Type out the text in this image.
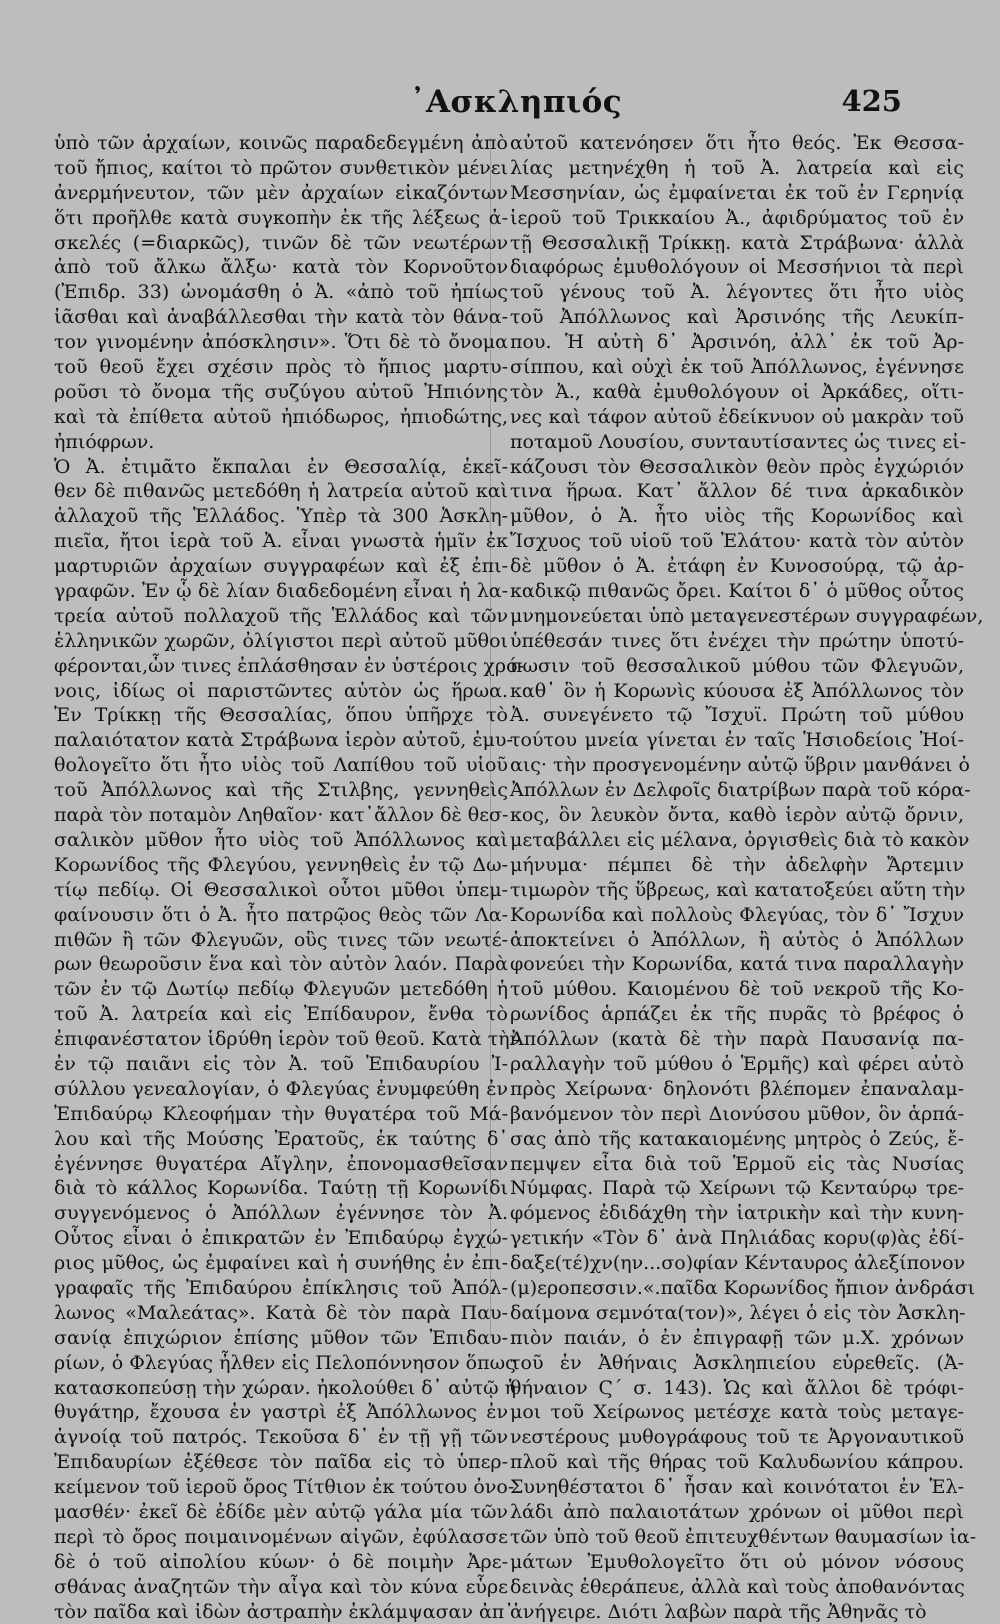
᾿Ασκληπιός	425
ὑπὸ τῶν ἀρχαίων, κοινῶς παραδεδεγμένη ἀπὸ
τοῦ ἤπιος, καίτοι τὸ πρῶτον συνθετικὸν μένει
ἀνερμήνευτον, τῶν μὲν ἀρχαίων εἰκαζόντων
ὅτι προῆλθε κατὰ συγκοπὴν ἐκ τῆς λέξεως ἀ-
σκελές (=διαρκῶς), τινῶν δὲ τῶν νεωτέρων
ἀπὸ τοῦ ἄλκω ἄλξω· κατὰ τὸν Κορνοῦτον
(Ἐπιδρ. 33) ὠνομάσθη ὁ Ἀ. «ἀπὸ τοῦ ἠπίως
ἰᾶσθαι καὶ ἀναβάλλεσθαι τὴν κατὰ τὸν θάνα-
τον γινομένην ἀπόσκλησιν». Ὅτι δὲ τὸ ὄνομα
τοῦ θεοῦ ἔχει σχέσιν πρὸς τὸ ἤπιος μαρτυ-
ροῦσι τὸ ὄνομα τῆς συζύγου αὐτοῦ Ἠπιόνης
καὶ τὰ ἐπίθετα αὐτοῦ ἠπιόδωρος, ἠπιοδώτης,
ἠπιόφρων.
Ὁ Ἀ. ἐτιμᾶτο ἔκπαλαι ἐν Θεσσαλίᾳ, ἐκεῖ-
θεν δὲ πιθανῶς μετεδόθη ἡ λατρεία αὐτοῦ καὶ
ἀλλαχοῦ τῆς Ἑλλάδος. Ὑπὲρ τὰ 300 Ἀσκλη-
πιεῖα, ἤτοι ἱερὰ τοῦ Ἀ. εἶναι γνωστὰ ἡμῖν ἐκ
μαρτυριῶν ἀρχαίων συγγραφέων καὶ ἐξ ἐπι-
γραφῶν. Ἐν ᾧ δὲ λίαν διαδεδομένη εἶναι ἡ λα-
τρεία αὐτοῦ πολλαχοῦ τῆς Ἑλλάδος καὶ τῶν
ἑλληνικῶν χωρῶν, ὀλίγιστοι περὶ αὐτοῦ μῦθοι
φέρονται,ὧν τινες ἐπλάσθησαν ἐν ὑστέροις χρό-
νοις, ἰδίως οἱ παριστῶντες αὐτὸν ὡς ἥρωα.
Ἐν Τρίκκῃ τῆς Θεσσαλίας, ὅπου ὑπῆρχε τὸ
παλαιότατον κατὰ Στράβωνα ἱερὸν αὐτοῦ, ἐμυ-
θολογεῖτο ὅτι ἦτο υἱὸς τοῦ Λαπίθου τοῦ υἱοῦ
τοῦ Ἀπόλλωνος καὶ τῆς Στιλβης, γεννηθεὶς
παρὰ τὸν ποταμὸν Ληθαῖον· κατ᾽ἄλλον δὲ θεσ-
σαλικὸν μῦθον ἦτο υἱὸς τοῦ Ἀπόλλωνος καὶ
Κορωνίδος τῆς Φλεγύου, γεννηθεὶς ἐν τῷ Δω-
τίῳ πεδίῳ. Οἱ Θεσσαλικοὶ οὗτοι μῦθοι ὑπεμ-
φαίνουσιν ὅτι ὁ Ἀ. ἦτο πατρῷος θεὸς τῶν Λα-
πιθῶν ἢ τῶν Φλεγυῶν, οὓς τινες τῶν νεωτέ-
ρων θεωροῦσιν ἕνα καὶ τὸν αὐτὸν λαόν. Παρὰ
τῶν ἐν τῷ Δωτίῳ πεδίῳ Φλεγυῶν μετεδόθη ἡ
τοῦ Ἀ. λατρεία καὶ εἰς Ἐπίδαυρον, ἔνθα τὸ
ἐπιφανέστατον ἱδρύθη ἱερὸν τοῦ θεοῦ. Κατὰ τὴν
ἐν τῷ παιᾶνι εἰς τὸν Ἀ. τοῦ Ἐπιδαυρίου Ἰ-
σύλλου γενεαλογίαν, ὁ Φλεγύας ἐνυμφεύθη ἐν
Ἐπιδαύρῳ Κλεοφήμαν τὴν θυγατέρα τοῦ Μά-
λου καὶ τῆς Μούσης Ἐρατοῦς, ἐκ ταύτης δ᾽
ἐγέννησε θυγατέρα Αἴγλην, ἐπονομασθεῖσαν
διὰ τὸ κάλλος Κορωνίδα. Ταύτῃ τῇ Κορωνίδι
συγγενόμενος ὁ Ἀπόλλων ἐγέννησε τὸν Ἀ.
Οὗτος εἶναι ὁ ἐπικρατῶν ἐν Ἐπιδαύρῳ ἐγχώ-
ριος μῦθος, ὡς ἐμφαίνει καὶ ἡ συνήθης ἐν ἐπι-
γραφαῖς τῆς Ἐπιδαύρου ἐπίκλησις τοῦ Ἀπόλ-
λωνος «Μαλεάτας». Κατὰ δὲ τὸν παρὰ Παυ-
σανίᾳ ἐπιχώριον ἐπίσης μῦθον τῶν Ἐπιδαυ-
ρίων, ὁ Φλεγύας ἦλθεν εἰς Πελοπόννησον ὅπως
κατασκοπεύσῃ τὴν χώραν. ἠκολούθει δ᾽ αὐτῷ ἡ
θυγάτηρ, ἔχουσα ἐν γαστρὶ ἐξ Ἀπόλλωνος ἐν
ἀγνοίᾳ τοῦ πατρός. Τεκοῦσα δ᾽ ἐν τῇ γῇ τῶν
Ἐπιδαυρίων ἐξέθεσε τὸν παῖδα εἰς τὸ ὑπερ-
κείμενον τοῦ ἱεροῦ ὄρος Τίτθιον ἐκ τούτου ὀνο-
μασθέν· ἐκεῖ δὲ ἐδίδε μὲν αὐτῷ γάλα μία τῶν
περὶ τὸ ὄρος ποιμαινομένων αἰγῶν, ἐφύλασσε
δὲ ὁ τοῦ αἰπολίου κύων· ὁ δὲ ποιμὴν Ἀρε-
σθάνας ἀναζητῶν τὴν αἶγα καὶ τὸν κύνα εὗρε
τὸν παῖδα καὶ ἰδὼν ἀστραπὴν ἐκλάμψασαν ἀπ᾽
αὐτοῦ κατενόησεν ὅτι ἦτο θεός. Ἐκ Θεσσα-
λίας μετηνέχθη ἡ τοῦ Ἀ. λατρεία καὶ εἰς
Μεσσηνίαν, ὡς ἐμφαίνεται ἐκ τοῦ ἐν Γερηνίᾳ
ἱεροῦ τοῦ Τρικκαίου Ἀ., ἀφιδρύματος τοῦ ἐν
τῇ Θεσσαλικῇ Τρίκκῃ. κατὰ Στράβωνα· ἀλλὰ
διαφόρως ἐμυθολόγουν οἱ Μεσσήνιοι τὰ περὶ
τοῦ γένους τοῦ Ἀ. λέγοντες ὅτι ἦτο υἱὸς
τοῦ Ἀπόλλωνος καὶ Ἀρσινόης τῆς Λευκίπ-
που. Ἡ αὐτὴ δ᾽ Ἀρσινόη, ἀλλ᾽ ἐκ τοῦ Ἀρ-
σίππου, καὶ οὐχὶ ἐκ τοῦ Ἀπόλλωνος, ἐγέννησε
τὸν Ἀ., καθὰ ἐμυθολόγουν οἱ Ἀρκάδες, οἵτι-
νες καὶ τάφον αὐτοῦ ἐδείκνυον οὐ μακρὰν τοῦ
ποταμοῦ Λουσίου, συνταυτίσαντες ὡς τινες εἰ-
κάζουσι τὸν Θεσσαλικὸν θεὸν πρὸς ἐγχώριόν
τινα ἥρωα. Κατ᾽ ἄλλον δέ τινα ἀρκαδικὸν
μῦθον, ὁ Ἀ. ἦτο υἱὸς τῆς Κορωνίδος καὶ
Ἴσχυος τοῦ υἱοῦ τοῦ Ἐλάτου· κατὰ τὸν αὐτὸν
δὲ μῦθον ὁ Ἀ. ἐτάφη ἐν Κυνοσούρᾳ, τῷ ἀρ-
καδικῷ πιθανῶς ὄρει. Καίτοι δ᾽ ὁ μῦθος οὗτος
μνημονεύεται ὑπὸ μεταγενεστέρων συγγραφέων,
ὑπέθεσάν τινες ὅτι ἐνέχει τὴν πρώτην ὑποτύ-
πωσιν τοῦ θεσσαλικοῦ μύθου τῶν Φλεγυῶν,
καθ᾽ ὃν ἡ Κορωνὶς κύουσα ἐξ Ἀπόλλωνος τὸν
Ἀ. συνεγένετο τῷ Ἴσχυϊ. Πρώτη τοῦ μύθου
τούτου μνεία γίνεται ἐν ταῖς Ἡσιοδείοις Ἠοί-
αις· τὴν προσγενομένην αὐτῷ ὕβριν μανθάνει ὁ
Ἀπόλλων ἐν Δελφοῖς διατρίβων παρὰ τοῦ κόρα-
κος, ὃν λευκὸν ὄντα, καθὸ ἱερὸν αὐτῷ ὄρνιν,
μεταβάλλει εἰς μέλανα, ὀργισθεὶς διὰ τὸ κακὸν
μήνυμα· πέμπει δὲ τὴν ἀδελφὴν Ἄρτεμιν
τιμωρὸν τῆς ὕβρεως, καὶ κατατοξεύει αὕτη τὴν
Κορωνίδα καὶ πολλοὺς Φλεγύας, τὸν δ᾽ Ἴσχυν
ἀποκτείνει ὁ Ἀπόλλων, ἢ αὐτὸς ὁ Ἀπόλλων
φονεύει τὴν Κορωνίδα, κατά τινα παραλλαγὴν
τοῦ μύθου. Καιομένου δὲ τοῦ νεκροῦ τῆς Κο-
ρωνίδος ἁρπάζει ἐκ τῆς πυρᾶς τὸ βρέφος ὁ
Ἀπόλλων (κατὰ δὲ τὴν παρὰ Παυσανίᾳ πα-
ραλλαγὴν τοῦ μύθου ὁ Ἑρμῆς) καὶ φέρει αὐτὸ
πρὸς Χείρωνα· δηλονότι βλέπομεν ἐπαναλαμ-
βανόμενον τὸν περὶ Διονύσου μῦθον, ὃν ἁρπά-
σας ἀπὸ τῆς κατακαιομένης μητρὸς ὁ Ζεύς, ἔ-
πεμψεν εἶτα διὰ τοῦ Ἑρμοῦ εἰς τὰς Νυσίας
Νύμφας. Παρὰ τῷ Χείρωνι τῷ Κενταύρῳ τρε-
φόμενος ἐδιδάχθη τὴν ἰατρικὴν καὶ τὴν κυνη-
γετικήν «Τὸν δ᾽ ἀνὰ Πηλιάδας κορυ(φ)ὰς ἐδί-
δαξε(τέ)χν(ην...σο)φίαν Κένταυρος ἀλεξίπονον
(μ)εροπεσσιν.«.παῖδα Κορωνίδος ἤπιον ἀνδράσι
δαίμονα σεμνότα(τον)», λέγει ὁ εἰς τὸν Ἀσκλη-
πιὸν παιάν, ὁ ἐν ἐπιγραφῇ τῶν μ.Χ. χρόνων
τοῦ ἐν Ἀθήναις Ἀσκληπιείου εὑρεθεῖς. (Ἀ-
θήναιον Ϛ΄ σ. 143). Ὡς καὶ ἄλλοι δὲ τρόφι-
μοι τοῦ Χείρωνος μετέσχε κατὰ τοὺς μεταγε-
νεστέρους μυθογράφους τοῦ τε Ἀργοναυτικοῦ
πλοῦ καὶ τῆς θήρας τοῦ Καλυδωνίου κάπρου.
Συνηθέστατοι δ᾽ ἦσαν καὶ κοινότατοι ἐν Ἑλ-
λάδι ἀπὸ παλαιοτάτων χρόνων οἱ μῦθοι περὶ
τῶν ὑπὸ τοῦ θεοῦ ἐπιτευχθέντων θαυμασίων ἰα-
μάτων Ἐμυθολογεῖτο ὅτι οὐ μόνον νόσους
δεινὰς ἐθεράπευε, ἀλλὰ καὶ τοὺς ἀποθανόντας
ἀνήγειρε. Διότι λαβὼν παρὰ τῆς Ἀθηνᾶς τὸ
